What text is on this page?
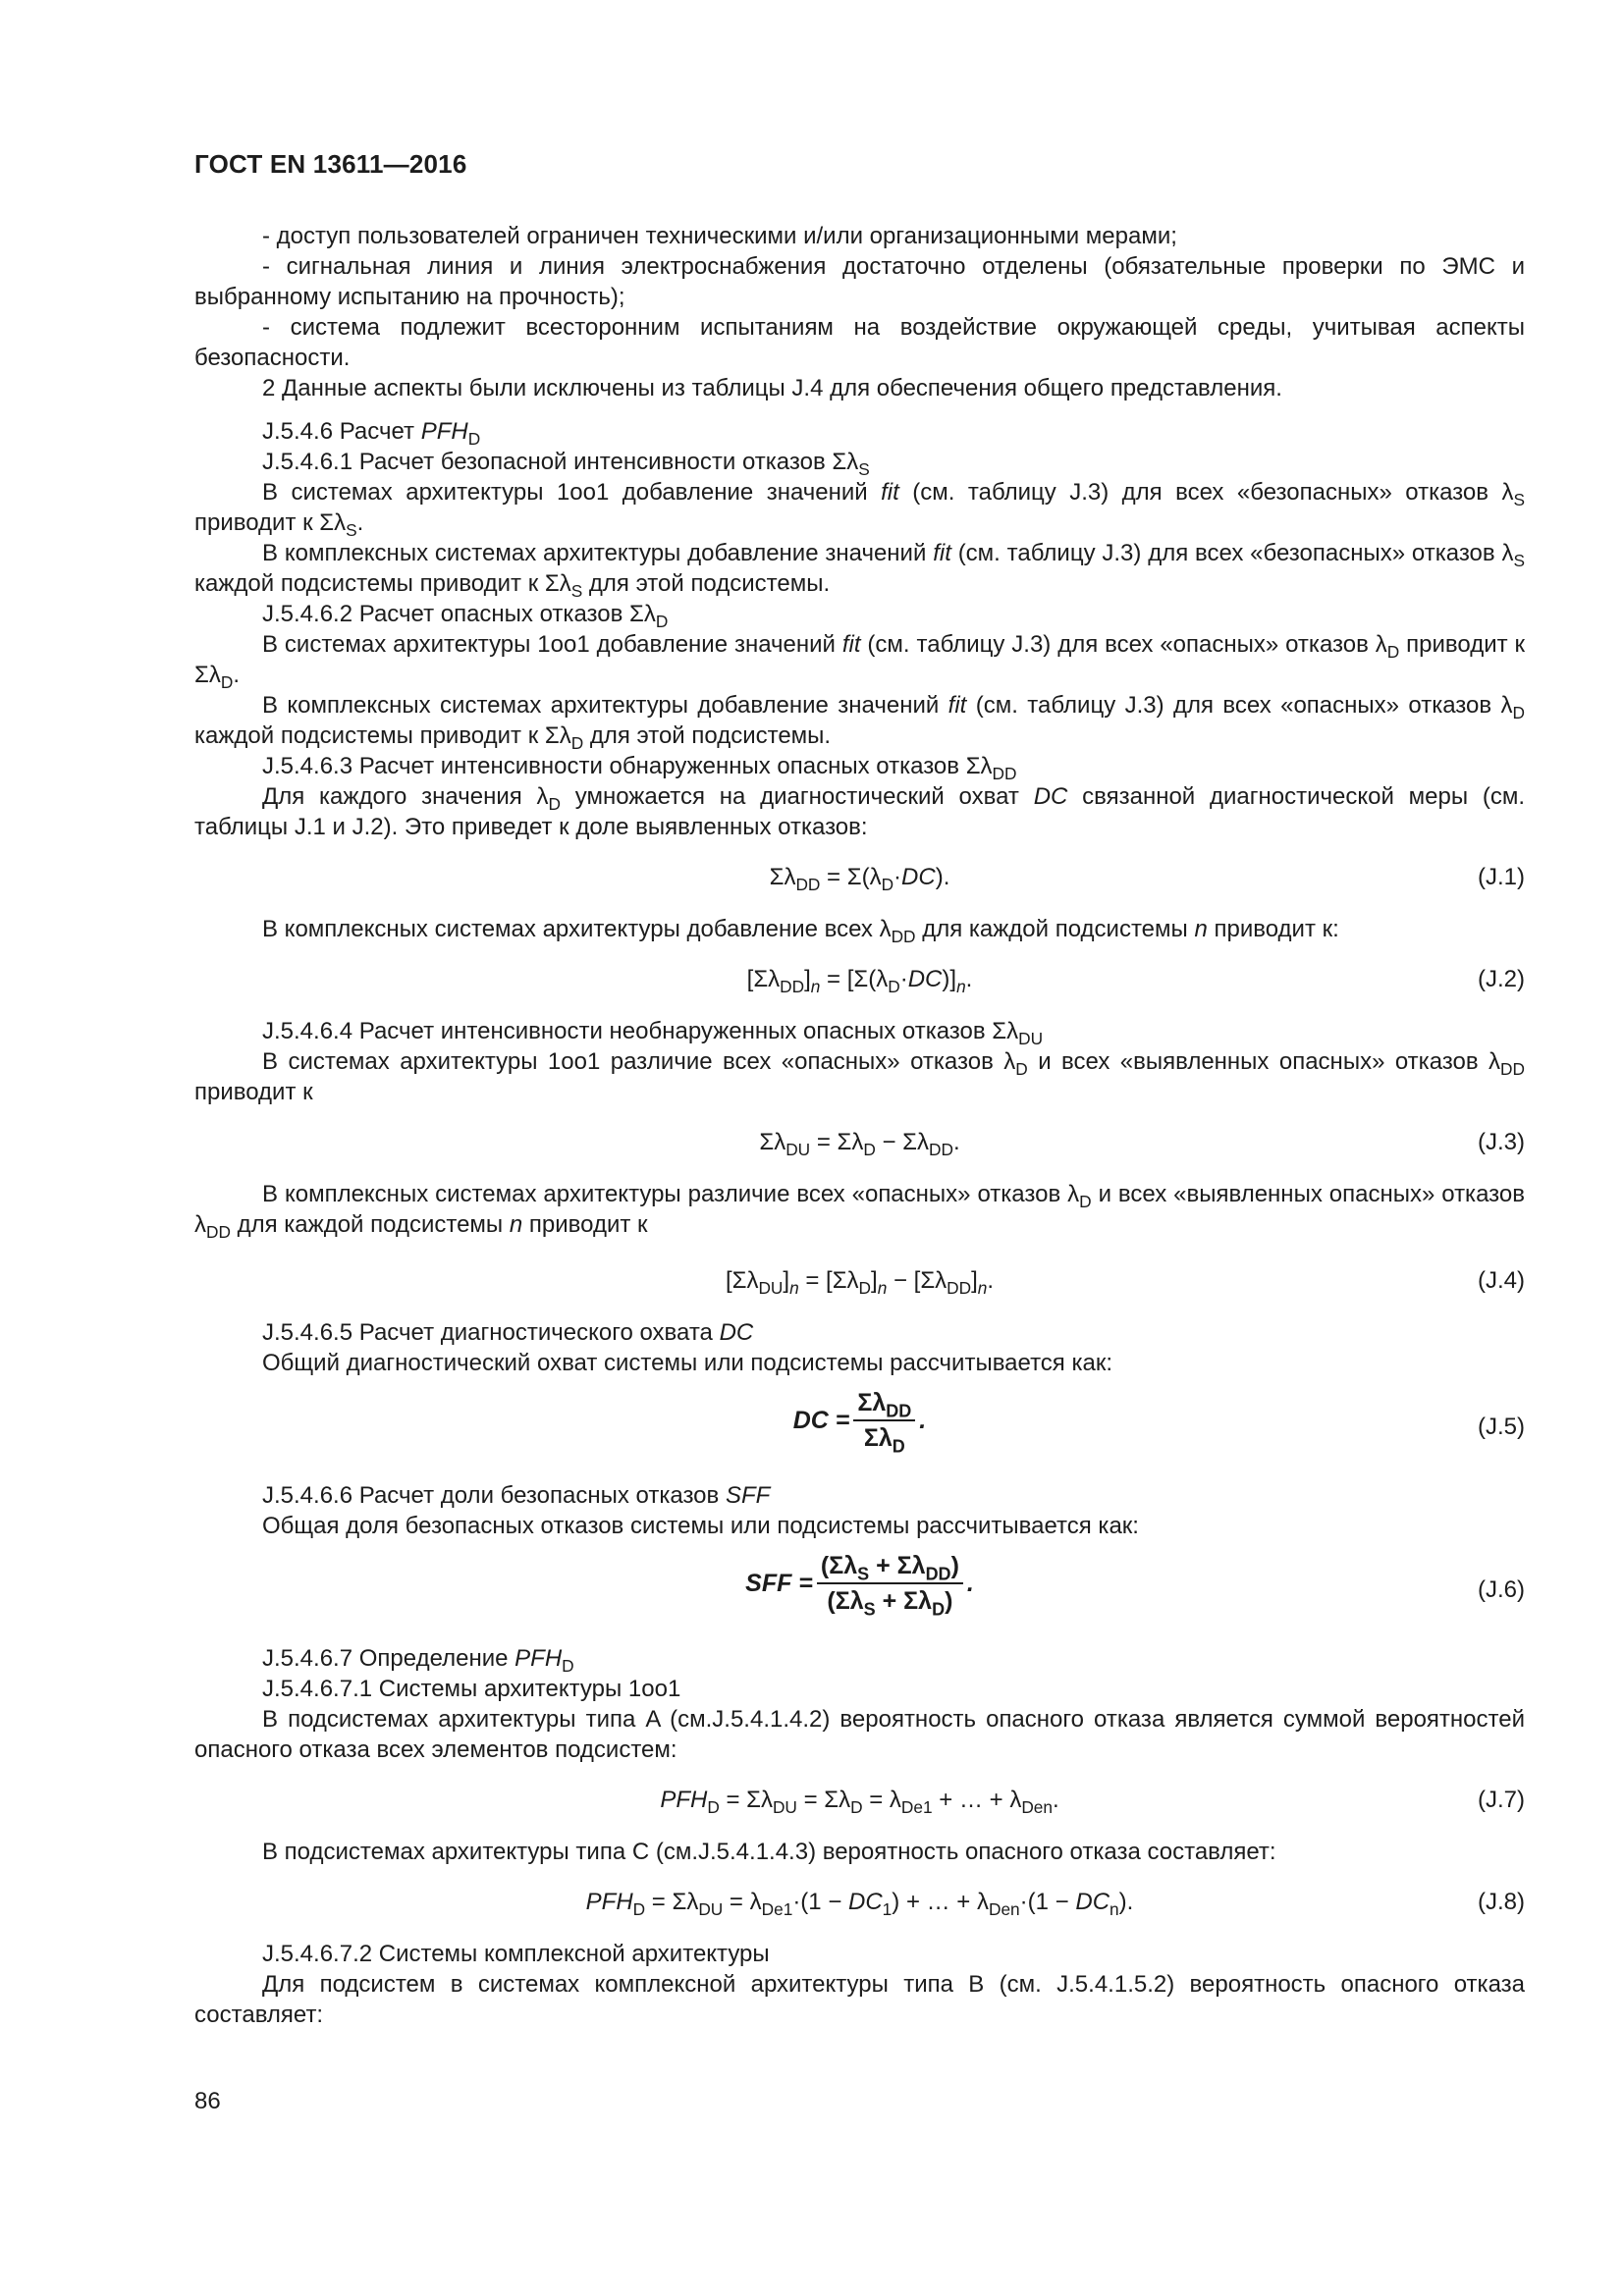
ГОСТ EN 13611—2016

- доступ пользователей ограничен техническими и/или организационными мерами;

- сигнальная линия и линия электроснабжения достаточно отделены (обязательные проверки по ЭМС и выбранному испытанию на прочность);

- система подлежит всесторонним испытаниям на воздействие окружающей среды, учитывая аспекты безопасности.

2 Данные аспекты были исключены из таблицы J.4 для обеспечения общего представления.

J.5.4.6 Расчет $PFH_D$

J.5.4.6.1 Расчет безопасной интенсивности отказов $\Sigma\lambda_S$

В системах архитектуры 1oo1 добавление значений fit (см. таблицу J.3) для всех «безопасных» отказов $\lambda_S$ приводит к $\Sigma\lambda_S$.

В комплексных системах архитектуры добавление значений fit (см. таблицу J.3) для всех «безопасных» отказов $\lambda_S$ каждой подсистемы приводит к $\Sigma\lambda_S$ для этой подсистемы.

J.5.4.6.2 Расчет опасных отказов $\Sigma\lambda_D$

В системах архитектуры 1oo1 добавление значений fit (см. таблицу J.3) для всех «опасных» отказов $\lambda_D$ приводит к $\Sigma\lambda_D$.

В комплексных системах архитектуры добавление значений fit (см. таблицу J.3) для всех «опасных» отказов $\lambda_D$ каждой подсистемы приводит к $\Sigma\lambda_D$ для этой подсистемы.

J.5.4.6.3 Расчет интенсивности обнаруженных опасных отказов $\Sigma\lambda_{DD}$

Для каждого значения $\lambda_D$ умножается на диагностический охват DC связанной диагностической меры (см. таблицы J.1 и J.2). Это приведет к доле выявленных отказов:

$\Sigma\lambda_{DD} = \Sigma(\lambda_D\cdot DC)$.	(J.1)

В комплексных системах архитектуры добавление всех $\lambda_{DD}$ для каждой подсистемы n приводит к:

$[\Sigma\lambda_{DD}]_n = [\Sigma(\lambda_D\cdot DC)]_n$.	(J.2)

J.5.4.6.4 Расчет интенсивности необнаруженных опасных отказов $\Sigma\lambda_{DU}$

В системах архитектуры 1oo1 различие всех «опасных» отказов $\lambda_D$ и всех «выявленных опасных» отказов $\lambda_{DD}$ приводит к

$\Sigma\lambda_{DU} = \Sigma\lambda_D - \Sigma\lambda_{DD}$.	(J.3)

В комплексных системах архитектуры различие всех «опасных» отказов $\lambda_D$ и всех «выявленных опасных» отказов $\lambda_{DD}$ для каждой подсистемы n приводит к

$[\Sigma\lambda_{DU}]_n = [\Sigma\lambda_D]_n - [\Sigma\lambda_{DD}]_n$.	(J.4)

J.5.4.6.5 Расчет диагностического охвата DC

Общий диагностический охват системы или подсистемы рассчитывается как:

DC = $\frac{\Sigma\lambda_{DD}}{\Sigma\lambda_D}$ .	(J.5)

J.5.4.6.6 Расчет доли безопасных отказов SFF

Общая доля безопасных отказов системы или подсистемы рассчитывается как:

SFF = $\frac{(\Sigma\lambda_S + \Sigma\lambda_{DD})}{(\Sigma\lambda_S + \Sigma\lambda_D)}$ .	(J.6)

J.5.4.6.7 Определение $PFH_D$

J.5.4.6.7.1 Системы архитектуры 1oo1

В подсистемах архитектуры типа A (см.J.5.4.1.4.2) вероятность опасного отказа является суммой вероятностей опасного отказа всех элементов подсистем:

$PFH_D = \Sigma\lambda_{DU} = \Sigma\lambda_D = \lambda_{De1}$ + … + $\lambda_{Den}$.	(J.7)

В подсистемах архитектуры типа C (см.J.5.4.1.4.3) вероятность опасного отказа составляет:

$PFH_D = \Sigma\lambda_{DU} = \lambda_{De1}\cdot(1 - DC_1)$ + … + $\lambda_{Den}\cdot(1 - DC_n)$.	(J.8)

J.5.4.6.7.2 Системы комплексной архитектуры

Для подсистем в системах комплексной архитектуры типа B (см. J.5.4.1.5.2) вероятность опасного отказа составляет:

86
